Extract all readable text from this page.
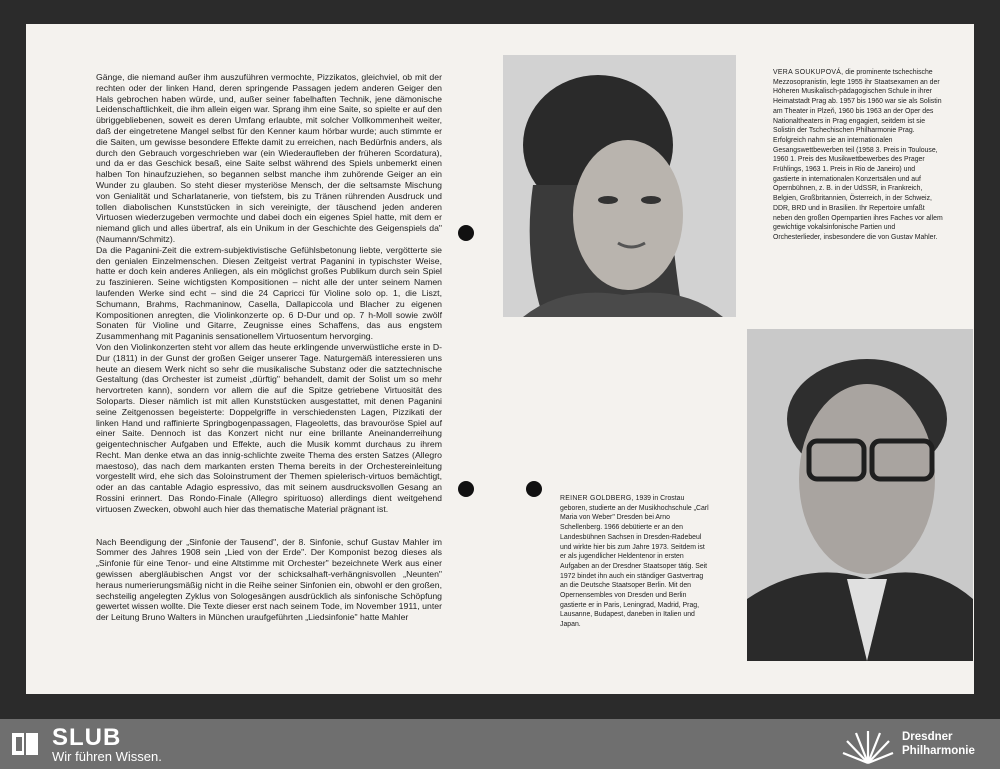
Gänge, die niemand außer ihm auszuführen vermochte, Pizzikatos, gleichviel, ob mit der rechten oder der linken Hand, deren springende Passagen jedem anderen Geiger den Hals gebrochen haben würde, und, außer seiner fabelhaften Technik, jene dämonische Leidenschaftlichkeit, die ihm allein eigen war. Sprang ihm eine Saite, so spielte er auf den übriggebliebenen, soweit es deren Umfang erlaubte, mit solcher Vollkommenheit weiter, daß der eingetretene Mangel selbst für den Kenner kaum hörbar wurde; auch stimmte er die Saiten, um gewisse besondere Effekte damit zu erreichen, nach Bedürfnis anders, als durch den Gebrauch vorgeschrieben war (ein Wiederaufleben der früheren Scordatura), und da er das Geschick besaß, eine Saite selbst während des Spiels unbemerkt einen halben Ton hinaufzuziehen, so begannen selbst manche ihm zuhörende Geiger an ein Wunder zu glauben. So steht dieser mysteriöse Mensch, der die seltsamste Mischung von Genialität und Scharlatanerie, von tiefstem, bis zu Tränen rührenden Ausdruck und tollen diabolischen Kunststücken in sich vereinigte, der täuschend jeden anderen Virtuosen wiederzugeben vermochte und dabei doch ein eigenes Spiel hatte, mit dem er niemand glich und alles übertraf, als ein Unikum in der Geschichte des Geigenspiels da" (Naumann/Schmitz).

Da die Paganini-Zeit die extrem-subjektivistische Gefühlsbetonung liebte, vergötterte sie den genialen Einzelmenschen. Diesen Zeitgeist vertrat Paganini in typischster Weise, hatte er doch kein anderes Anliegen, als ein möglichst großes Publikum durch sein Spiel zu faszinieren. Seine wichtigsten Kompositionen – nicht alle der unter seinem Namen laufenden Werke sind echt – sind die 24 Capricci für Violine solo op. 1, die Liszt, Schumann, Brahms, Rachmaninow, Casella, Dallapiccola und Blacher zu eigenen Kompositionen anregten, die Violinkonzerte op. 6 D-Dur und op. 7 h-Moll sowie zwölf Sonaten für Violine und Gitarre, Zeugnisse eines Schaffens, das aus engstem Zusammenhang mit Paganinis sensationellem Virtuosentum hervorging.

Von den Violinkonzerten steht vor allem das heute erklingende unverwüstliche erste in D-Dur (1811) in der Gunst der großen Geiger unserer Tage. Naturgemäß interessieren uns heute an diesem Werk nicht so sehr die musikalische Substanz oder die satztechnische Gestaltung (das Orchester ist zumeist „dürftig" behandelt, damit der Solist um so mehr hervortreten kann), sondern vor allem die auf die Spitze getriebene Virtuosität des Soloparts. Dieser nämlich ist mit allen Kunststücken ausgestattet, mit denen Paganini seine Zeitgenossen begeisterte: Doppelgriffe in verschiedensten Lagen, Pizzikati der linken Hand und raffinierte Springbogenpassagen, Flageoletts, das bravouröse Spiel auf einer Saite. Dennoch ist das Konzert nicht nur eine brillante Aneinanderreihung geigentechnischer Aufgaben und Effekte, auch die Musik kommt durchaus zu ihrem Recht. Man denke etwa an das innig-schlichte zweite Thema des ersten Satzes (Allegro maestoso), das nach dem markanten ersten Thema bereits in der Orchestereinleitung vorgestellt wird, ehe sich das Soloinstrument der Themen spielerisch-virtuos bemächtigt, oder an das cantable Adagio espressivo, das mit seinem ausdrucksvollen Gesang an Rossini erinnert. Das Rondo-Finale (Allegro spirituoso) allerdings dient weitgehend virtuosen Zwecken, obwohl auch hier das thematische Material prägnant ist.

Nach Beendigung der „Sinfonie der Tausend", der 8. Sinfonie, schuf Gustav Mahler im Sommer des Jahres 1908 sein „Lied von der Erde". Der Komponist bezog dieses als „Sinfonie für eine Tenor- und eine Altstimme mit Orchester" bezeichnete Werk aus einer gewissen abergläubischen Angst vor der schicksalhaft-verhängnisvollen „Neunten" heraus numerierungsmäßig nicht in die Reihe seiner Sinfonien ein, obwohl er den großen, sechsteilig angelegten Zyklus von Sologesängen ausdrücklich als sinfonische Schöpfung gewertet wissen wollte. Die Texte dieser erst nach seinem Tode, im November 1911, unter der Leitung Bruno Walters in München uraufgeführten „Liedsinfonie" hatte Mahler

VERA SOUKUPOVÁ, die prominente tschechische Mezzosopranistin, legte 1955 ihr Staatsexamen an der Höheren Musikalisch-pädagogischen Schule in ihrer Heimatstadt Prag ab. 1957 bis 1960 war sie als Solistin am Theater in Plzeň, 1960 bis 1963 an der Oper des Nationaltheaters in Prag engagiert, seitdem ist sie Solistin der Tschechischen Philharmonie Prag. Erfolgreich nahm sie an internationalen Gesangswettbewerben teil (1958 3. Preis in Toulouse, 1960 1. Preis des Musikwettbewerbes des Prager Frühlings, 1963 1. Preis in Rio de Janeiro) und gastierte in internationalen Konzertsälen und auf Opernbühnen, z. B. in der UdSSR, in Frankreich, Belgien, Großbritannien, Österreich, in der Schweiz, DDR, BRD und in Brasilien. Ihr Repertoire umfaßt neben den großen Opernpartien ihres Faches vor allem gewichtige vokalsinfonische Partien und Orchesterlieder, insbesondere die von Gustav Mahler.

REINER GOLDBERG, 1939 in Crostau geboren, studierte an der Musikhochschule „Carl Maria von Weber" Dresden bei Arno Schellenberg. 1966 debütierte er an den Landesbühnen Sachsen in Dresden-Radebeul und wirkte hier bis zum Jahre 1973. Seitdem ist er als jugendlicher Heldentenor in ersten Aufgaben an der Dresdner Staatsoper tätig. Seit 1972 bindet ihn auch ein ständiger Gastvertrag an die Deutsche Staatsoper Berlin. Mit den Opernensembles von Dresden und Berlin gastierte er in Paris, Leningrad, Madrid, Prag, Lausanne, Budapest, daneben in Italien und Japan.

SLUB
Wir führen Wissen.
Dresdner
Philharmonie
